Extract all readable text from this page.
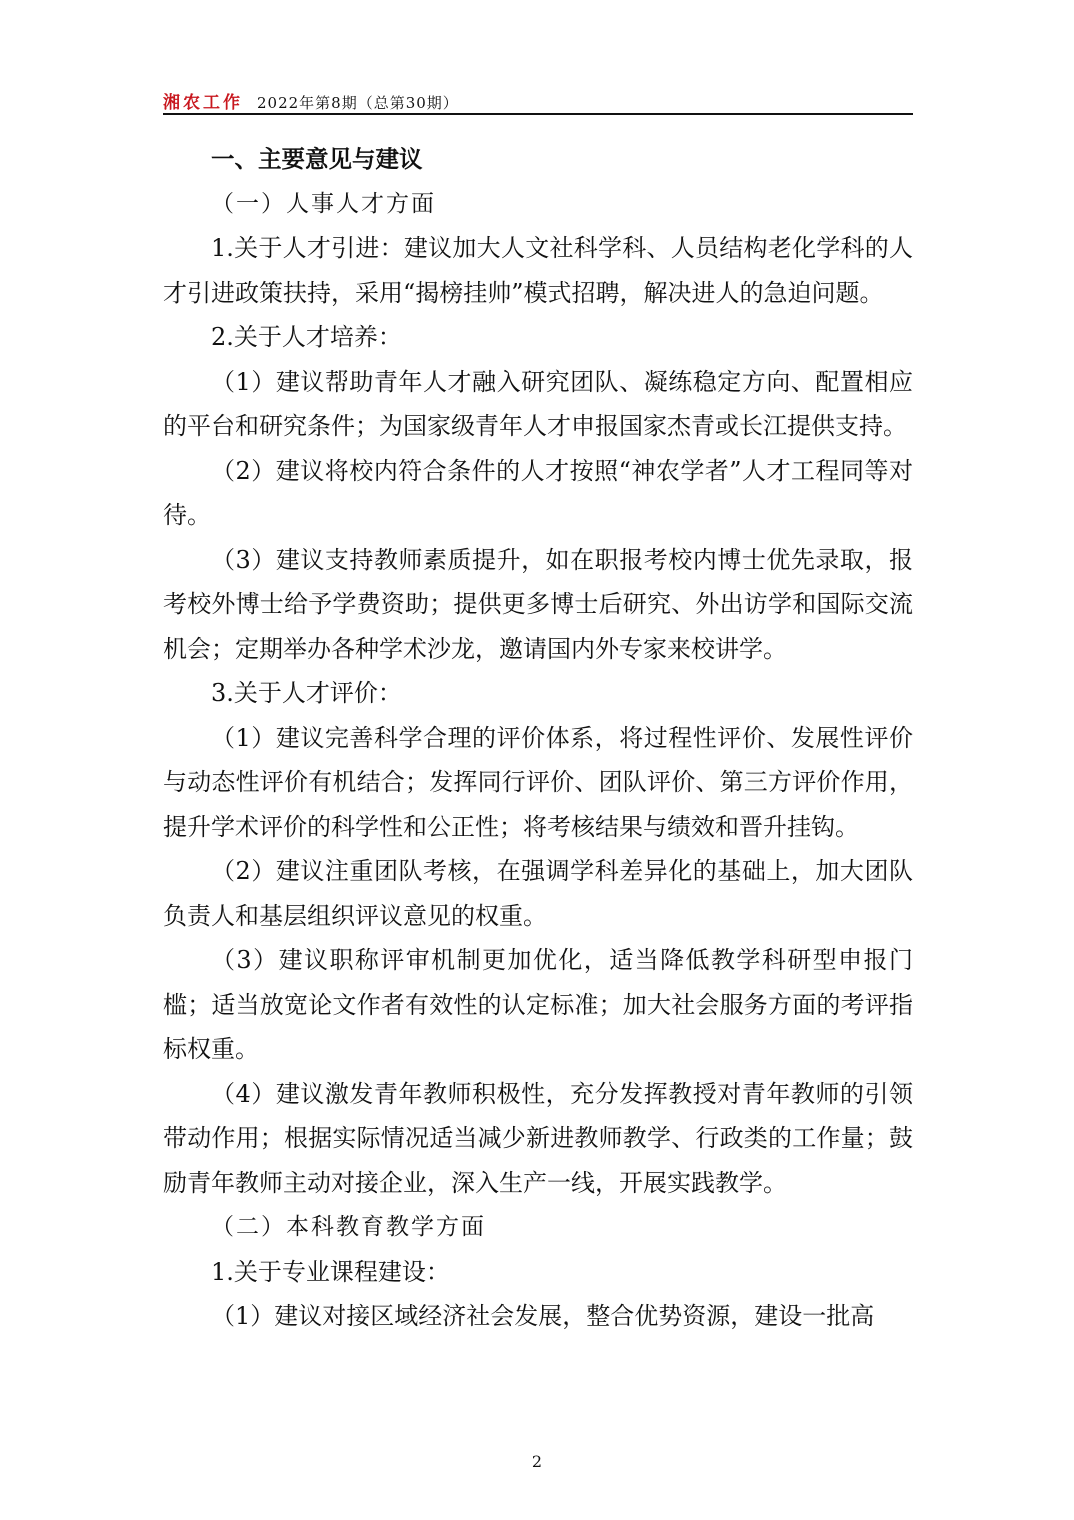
湘农工作 2022年第8期（总第30期）

一、主要意见与建议

（一）人事人才方面

1.关于人才引进：建议加大人文社科学科、人员结构老化学科的人才引进政策扶持，采用“揭榜挂帅”模式招聘，解决进人的急迫问题。

2.关于人才培养：

（1）建议帮助青年人才融入研究团队、凝练稳定方向、配置相应的平台和研究条件；为国家级青年人才申报国家杰青或长江提供支持。

（2）建议将校内符合条件的人才按照“神农学者”人才工程同等对待。

（3）建议支持教师素质提升，如在职报考校内博士优先录取，报考校外博士给予学费资助；提供更多博士后研究、外出访学和国际交流机会；定期举办各种学术沙龙，邀请国内外专家来校讲学。

3.关于人才评价：

（1）建议完善科学合理的评价体系，将过程性评价、发展性评价与动态性评价有机结合；发挥同行评价、团队评价、第三方评价作用，提升学术评价的科学性和公正性；将考核结果与绩效和晋升挂钩。

（2）建议注重团队考核，在强调学科差异化的基础上，加大团队负责人和基层组织评议意见的权重。

（3）建议职称评审机制更加优化，适当降低教学科研型申报门槛；适当放宽论文作者有效性的认定标准；加大社会服务方面的考评指标权重。

（4）建议激发青年教师积极性，充分发挥教授对青年教师的引领带动作用；根据实际情况适当减少新进教师教学、行政类的工作量；鼓励青年教师主动对接企业，深入生产一线，开展实践教学。

（二）本科教育教学方面

1.关于专业课程建设：

（1）建议对接区域经济社会发展，整合优势资源，建设一批高

2
